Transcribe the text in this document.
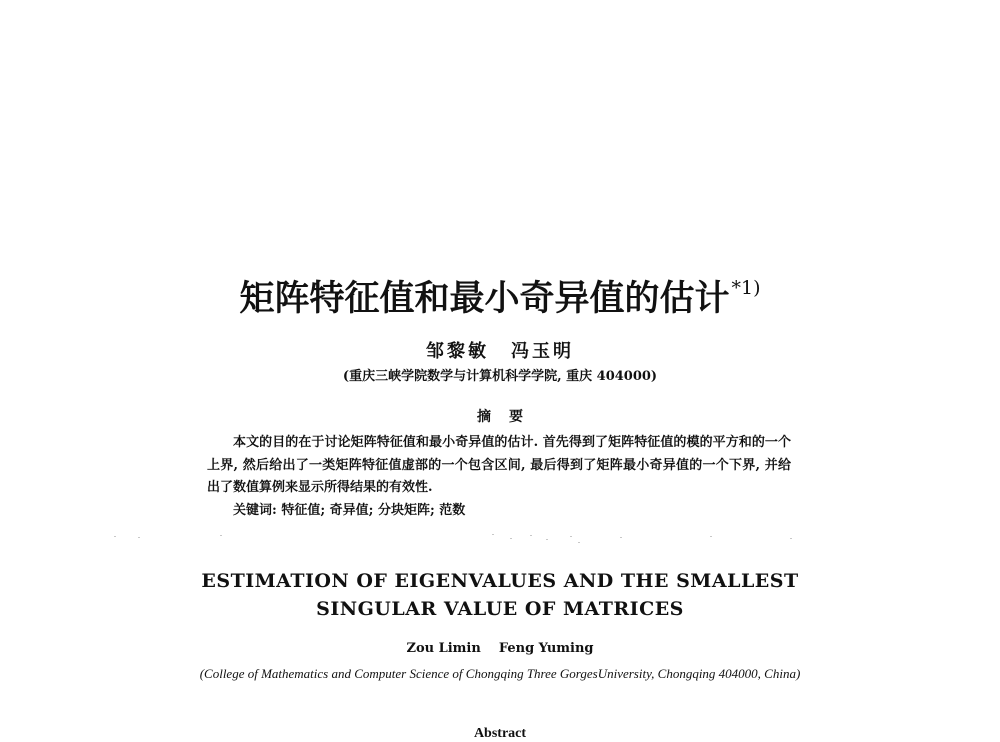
矩阵特征值和最小奇异值的估计 $^{*1)}$
邹黎敏 冯玉明
(重庆三峡学院数学与计算机科学学院, 重庆 404000)
摘要

本文的目的在于讨论矩阵特征值和最小奇异值的估计. 首先得到了矩阵特征值的模的平方和的一个上界, 然后给出了一类矩阵特征值虚部的一个包含区间, 最后得到了矩阵最小奇异值的一个下界, 并给出了数值算例来显示所得结果的有效性.

关键词: 特征值; 奇异值; 分块矩阵; 范数

ESTIMATION OF EIGENVALUES AND THE SMALLEST
SINGULAR VALUE OF MATRICES
Zou Limin Feng Yuming
(College of Mathematics and Computer Science of Chongqing Three GorgesUniversity, Chongqing 404000, China)
Abstract
